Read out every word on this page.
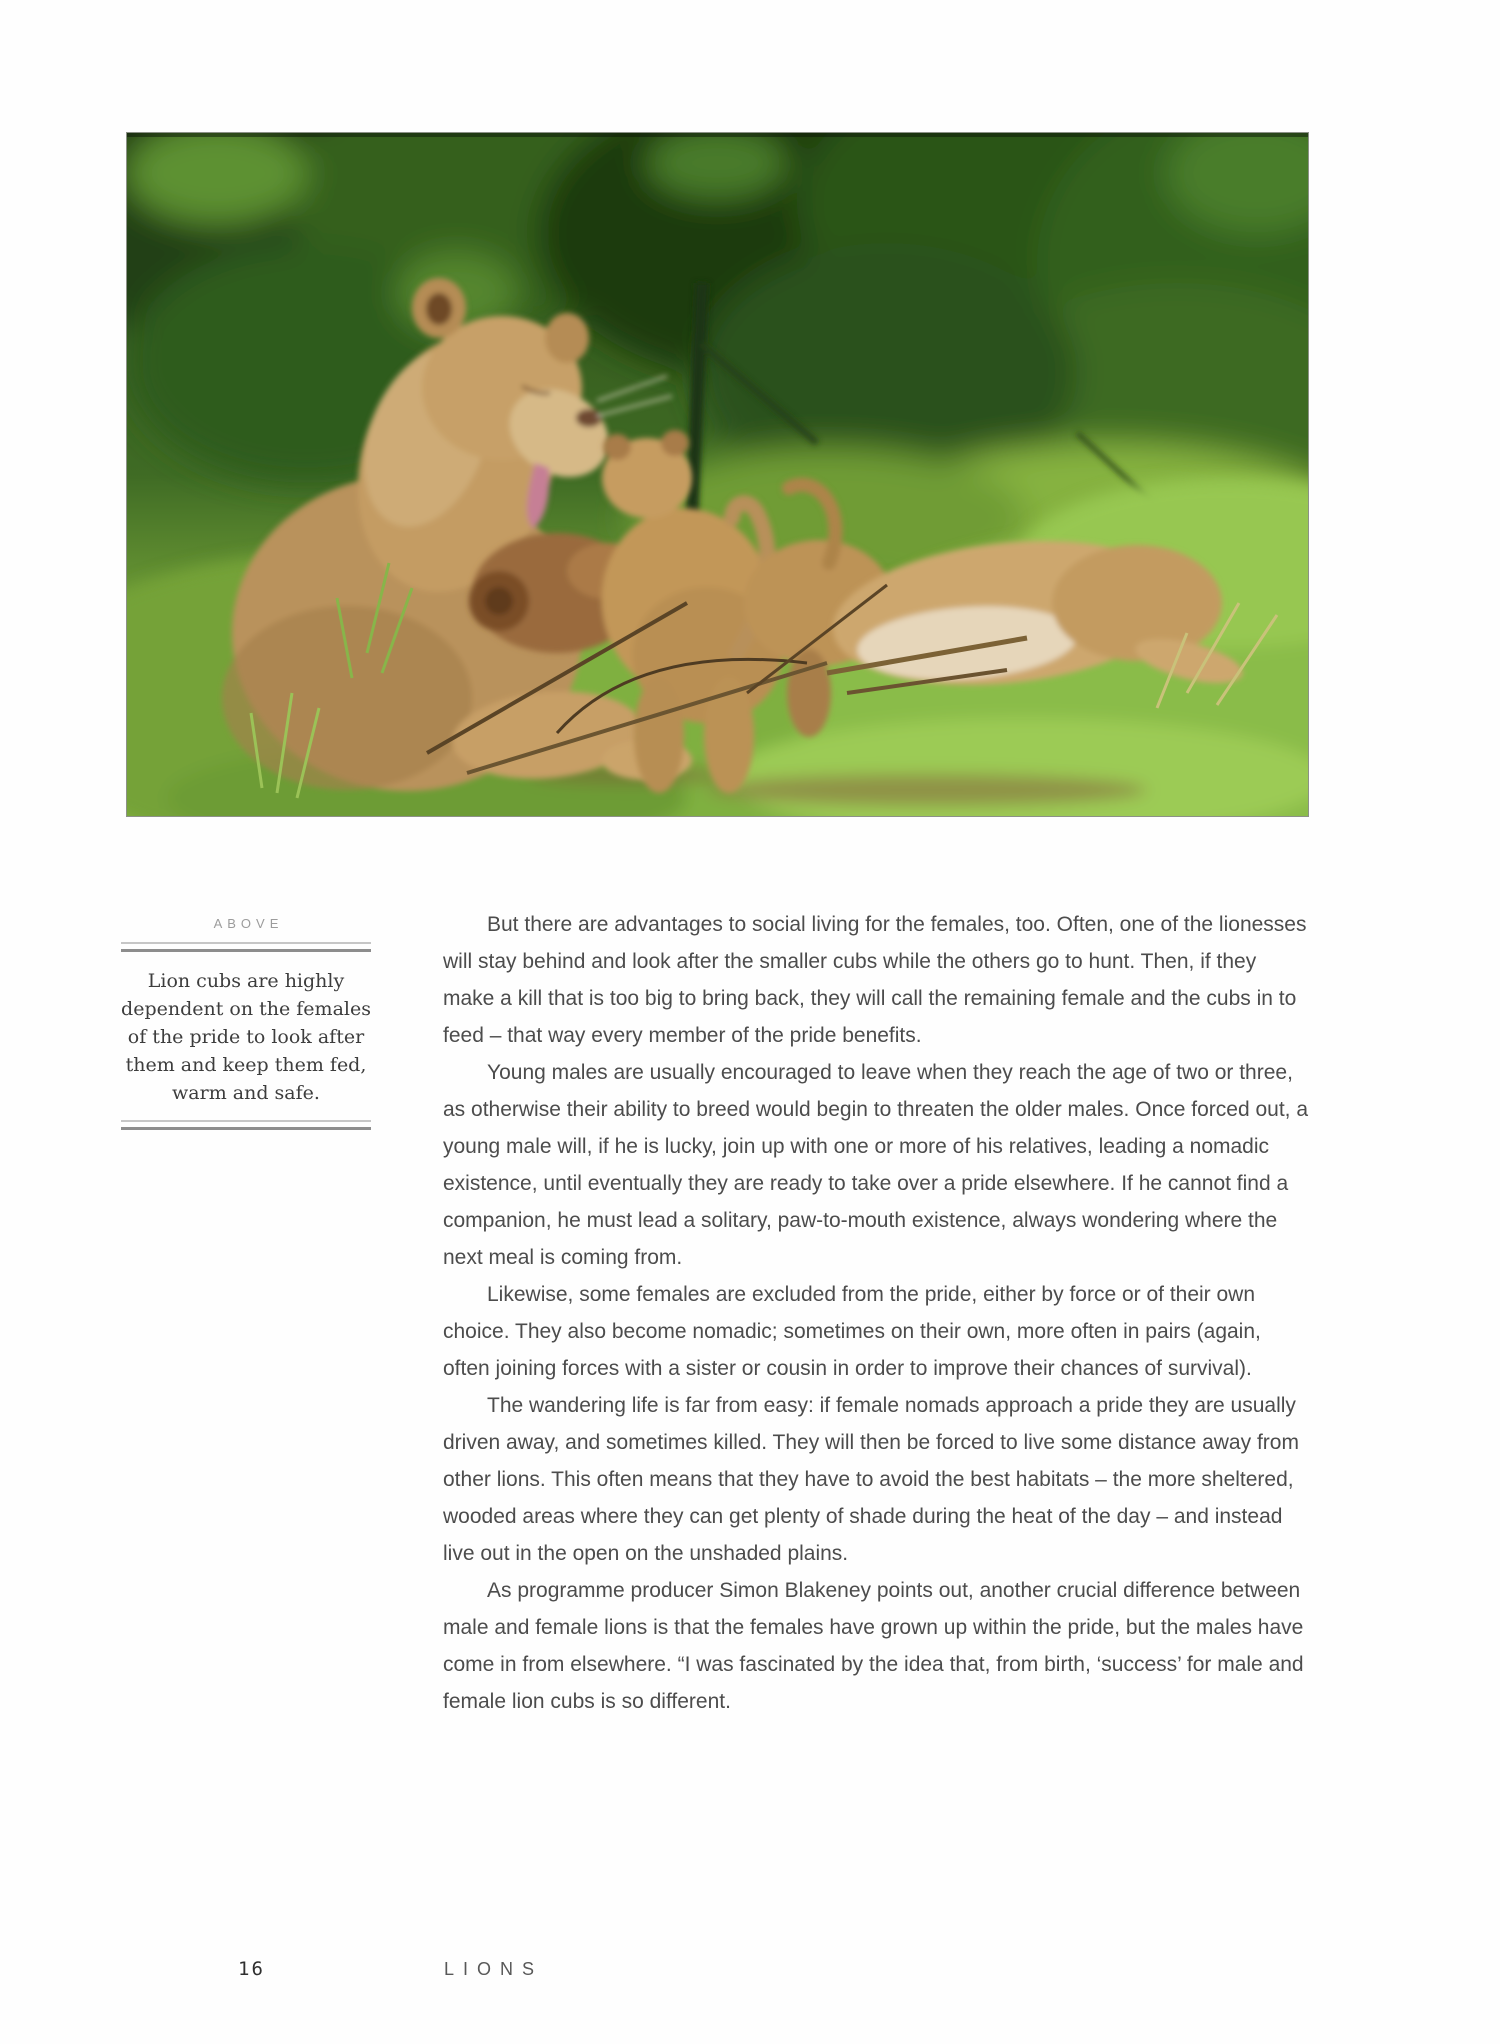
ABOVE
Lion cubs are highly dependent on the females of the pride to look after them and keep them fed, warm and safe.

But there are advantages to social living for the females, too. Often, one of the lionesses will stay behind and look after the smaller cubs while the others go to hunt. Then, if they make a kill that is too big to bring back, they will call the remaining female and the cubs in to feed – that way every member of the pride benefits.

Young males are usually encouraged to leave when they reach the age of two or three, as otherwise their ability to breed would begin to threaten the older males. Once forced out, a young male will, if he is lucky, join up with one or more of his relatives, leading a nomadic existence, until eventually they are ready to take over a pride elsewhere. If he cannot find a companion, he must lead a solitary, paw-to-mouth existence, always wondering where the next meal is coming from.

Likewise, some females are excluded from the pride, either by force or of their own choice. They also become nomadic; sometimes on their own, more often in pairs (again, often joining forces with a sister or cousin in order to improve their chances of survival).

The wandering life is far from easy: if female nomads approach a pride they are usually driven away, and sometimes killed. They will then be forced to live some distance away from other lions. This often means that they have to avoid the best habitats – the more sheltered, wooded areas where they can get plenty of shade during the heat of the day – and instead live out in the open on the unshaded plains.

As programme producer Simon Blakeney points out, another crucial difference between male and female lions is that the females have grown up within the pride, but the males have come in from elsewhere. “I was fascinated by the idea that, from birth, ‘success’ for male and female lion cubs is so different.

16	LIONS
